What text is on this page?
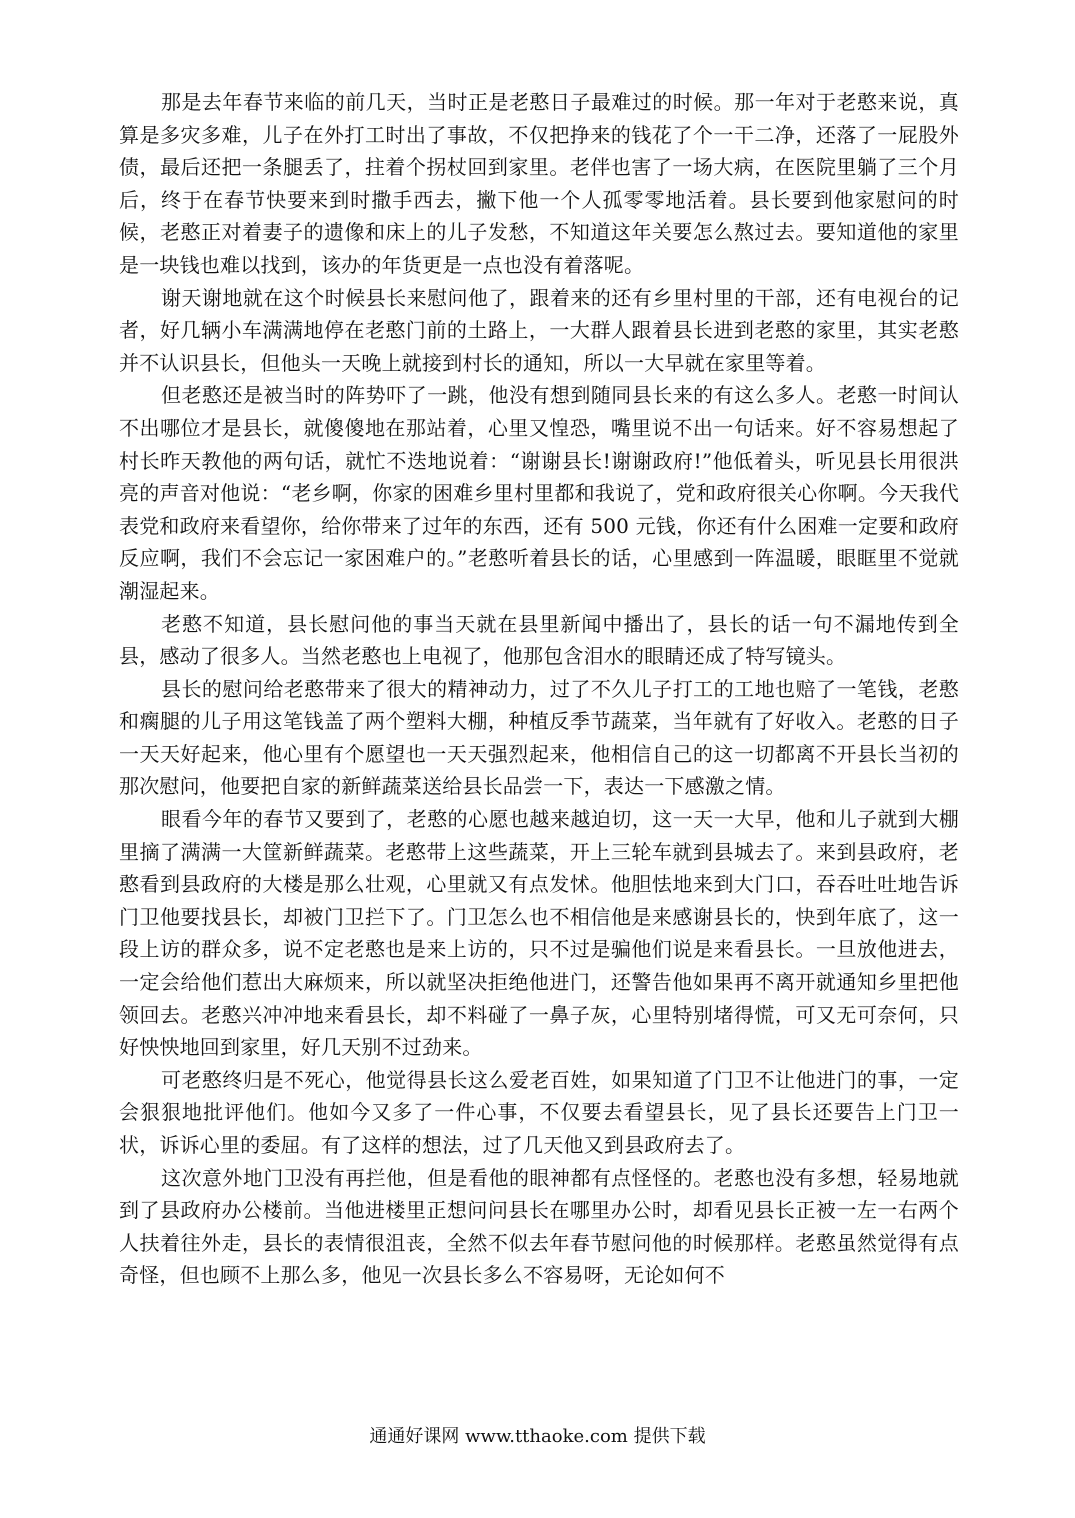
那是去年春节来临的前几天，当时正是老憨日子最难过的时候。那一年对于老憨来说，真算是多灾多难，儿子在外打工时出了事故，不仅把挣来的钱花了个一干二净，还落了一屁股外债，最后还把一条腿丢了，拄着个拐杖回到家里。老伴也害了一场大病，在医院里躺了三个月后，终于在春节快要来到时撒手西去，撇下他一个人孤零零地活着。县长要到他家慰问的时候，老憨正对着妻子的遗像和床上的儿子发愁，不知道这年关要怎么熬过去。要知道他的家里是一块钱也难以找到，该办的年货更是一点也没有着落呢。

谢天谢地就在这个时候县长来慰问他了，跟着来的还有乡里村里的干部，还有电视台的记者，好几辆小车满满地停在老憨门前的土路上，一大群人跟着县长进到老憨的家里，其实老憨并不认识县长，但他头一天晚上就接到村长的通知，所以一大早就在家里等着。

但老憨还是被当时的阵势吓了一跳，他没有想到随同县长来的有这么多人。老憨一时间认不出哪位才是县长，就傻傻地在那站着，心里又惶恐，嘴里说不出一句话来。好不容易想起了村长昨天教他的两句话，就忙不迭地说着：“谢谢县长!谢谢政府!”他低着头，听见县长用很洪亮的声音对他说：“老乡啊，你家的困难乡里村里都和我说了，党和政府很关心你啊。今天我代表党和政府来看望你，给你带来了过年的东西，还有 500 元钱，你还有什么困难一定要和政府反应啊，我们不会忘记一家困难户的。”老憨听着县长的话，心里感到一阵温暖，眼眶里不觉就潮湿起来。

老憨不知道，县长慰问他的事当天就在县里新闻中播出了，县长的话一句不漏地传到全县，感动了很多人。当然老憨也上电视了，他那包含泪水的眼睛还成了特写镜头。

县长的慰问给老憨带来了很大的精神动力，过了不久儿子打工的工地也赔了一笔钱，老憨和瘸腿的儿子用这笔钱盖了两个塑料大棚，种植反季节蔬菜，当年就有了好收入。老憨的日子一天天好起来，他心里有个愿望也一天天强烈起来，他相信自己的这一切都离不开县长当初的那次慰问，他要把自家的新鲜蔬菜送给县长品尝一下，表达一下感激之情。

眼看今年的春节又要到了，老憨的心愿也越来越迫切，这一天一大早，他和儿子就到大棚里摘了满满一大筐新鲜蔬菜。老憨带上这些蔬菜，开上三轮车就到县城去了。来到县政府，老憨看到县政府的大楼是那么壮观，心里就又有点发怵。他胆怯地来到大门口，吞吞吐吐地告诉门卫他要找县长，却被门卫拦下了。门卫怎么也不相信他是来感谢县长的，快到年底了，这一段上访的群众多，说不定老憨也是来上访的，只不过是骗他们说是来看县长。一旦放他进去，一定会给他们惹出大麻烦来，所以就坚决拒绝他进门，还警告他如果再不离开就通知乡里把他领回去。老憨兴冲冲地来看县长，却不料碰了一鼻子灰，心里特别堵得慌，可又无可奈何，只好怏怏地回到家里，好几天别不过劲来。

可老憨终归是不死心，他觉得县长这么爱老百姓，如果知道了门卫不让他进门的事，一定会狠狠地批评他们。他如今又多了一件心事，不仅要去看望县长，见了县长还要告上门卫一状，诉诉心里的委屈。有了这样的想法，过了几天他又到县政府去了。

这次意外地门卫没有再拦他，但是看他的眼神都有点怪怪的。老憨也没有多想，轻易地就到了县政府办公楼前。当他进楼里正想问问县长在哪里办公时，却看见县长正被一左一右两个人扶着往外走，县长的表情很沮丧，全然不似去年春节慰问他的时候那样。老憨虽然觉得有点奇怪，但也顾不上那么多，他见一次县长多么不容易呀，无论如何不

通通好课网 www.tthaoke.com 提供下载
